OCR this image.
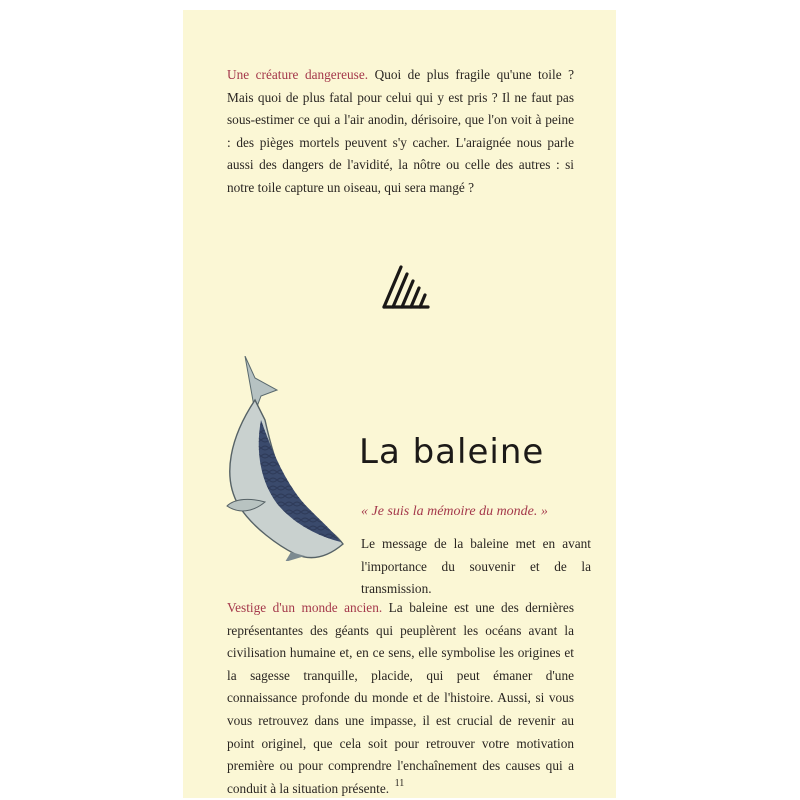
Une créature dangereuse. Quoi de plus fragile qu'une toile ? Mais quoi de plus fatal pour celui qui y est pris ? Il ne faut pas sous-estimer ce qui a l'air anodin, dérisoire, que l'on voit à peine : des pièges mortels peuvent s'y cacher. L'araignée nous parle aussi des dangers de l'avidité, la nôtre ou celle des autres : si notre toile capture un oiseau, qui sera mangé ?

La baleine

« Je suis la mémoire du monde. »

Le message de la baleine met en avant l'importance du souvenir et de la transmission.

Vestige d'un monde ancien. La baleine est une des dernières représentantes des géants qui peuplèrent les océans avant la civilisation humaine et, en ce sens, elle symbolise les origines et la sagesse tranquille, placide, qui peut émaner d'une connaissance profonde du monde et de l'histoire. Aussi, si vous vous retrouvez dans une impasse, il est crucial de revenir au point originel, que cela soit pour retrouver votre motivation première ou pour comprendre l'enchaînement des causes qui a conduit à la situation présente. 11
